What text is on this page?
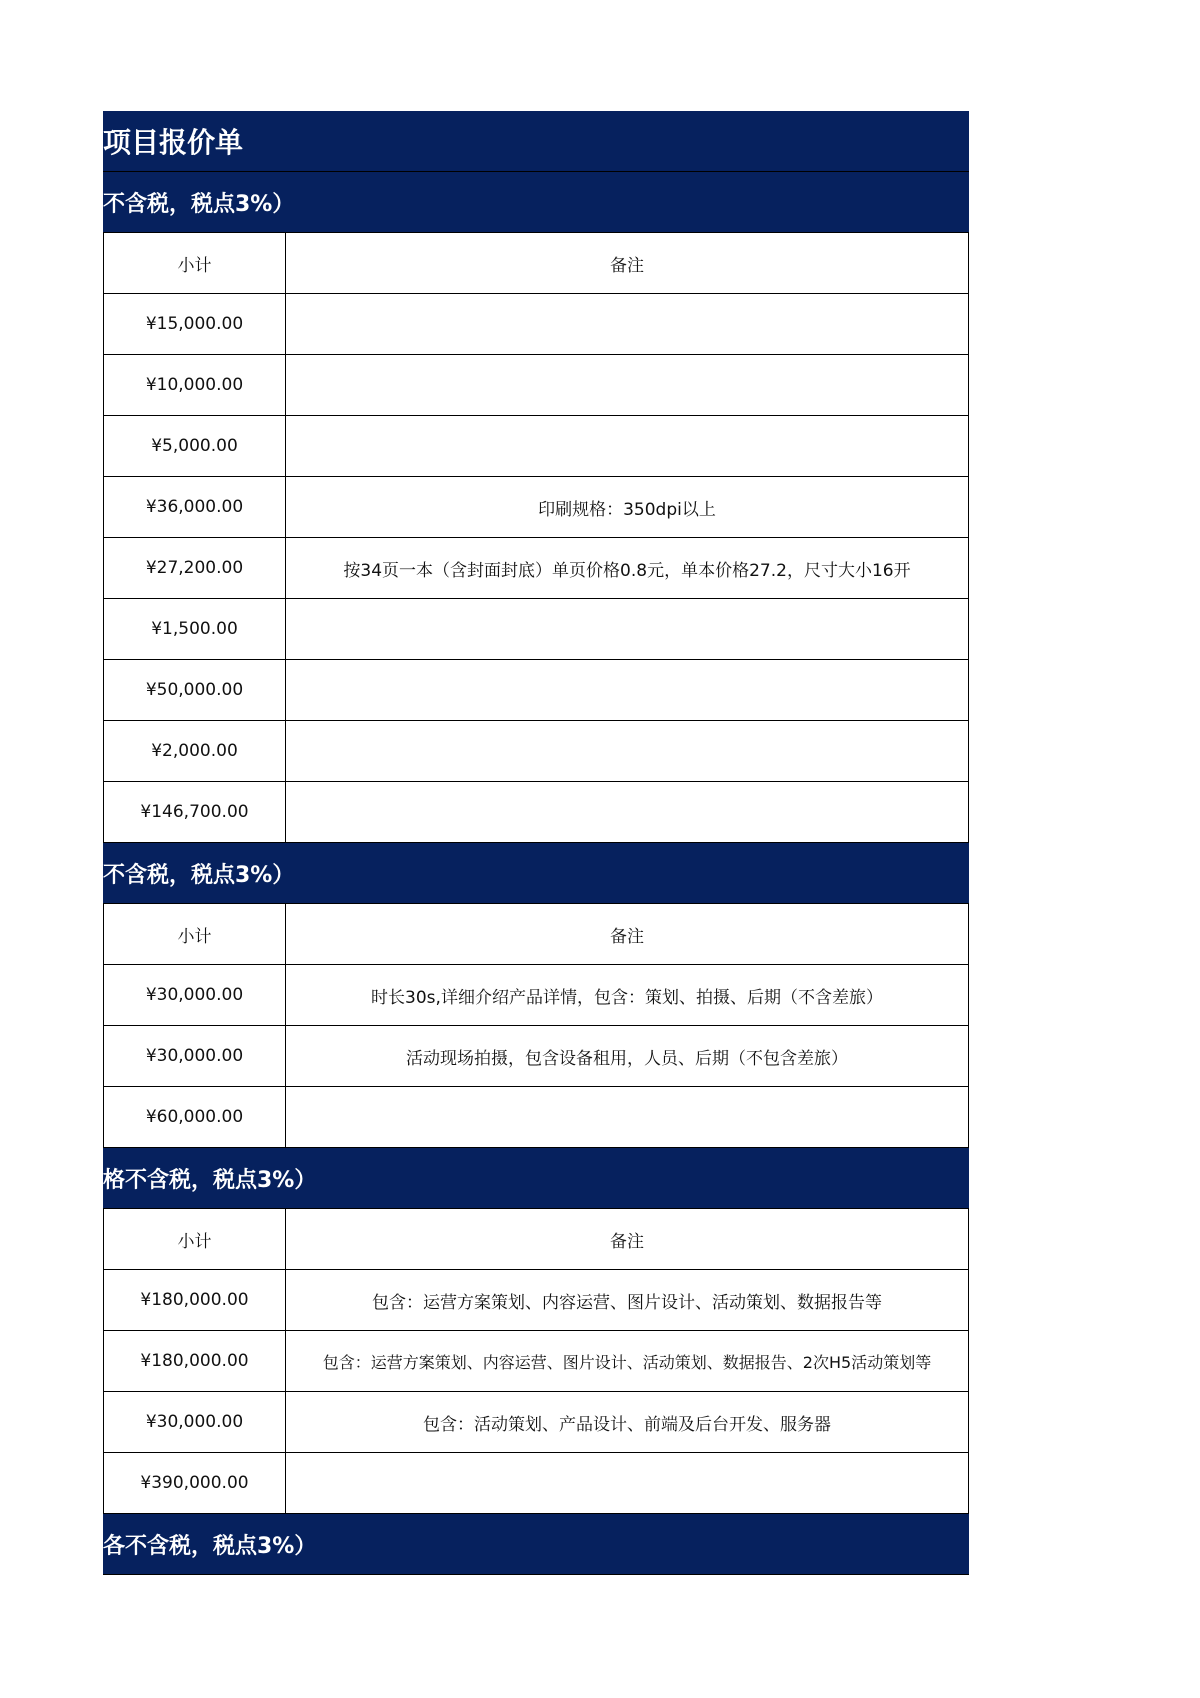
项目报价单
不含税，税点3%）
小计	备注
¥15,000.00
¥10,000.00
¥5,000.00
¥36,000.00	印刷规格：350dpi以上
¥27,200.00	按34页一本（含封面封底）单页价格0.8元，单本价格27.2，尺寸大小16开
¥1,500.00
¥50,000.00
¥2,000.00
¥146,700.00
不含税，税点3%）
小计	备注
¥30,000.00	时长30s,详细介绍产品详情，包含：策划、拍摄、后期（不含差旅）
¥30,000.00	活动现场拍摄，包含设备租用，人员、后期（不包含差旅）
¥60,000.00
格不含税，税点3%）
小计	备注
¥180,000.00	包含：运营方案策划、内容运营、图片设计、活动策划、数据报告等
¥180,000.00	包含：运营方案策划、内容运营、图片设计、活动策划、数据报告、2次H5活动策划等
¥30,000.00	包含：活动策划、产品设计、前端及后台开发、服务器
¥390,000.00
各不含税，税点3%）
